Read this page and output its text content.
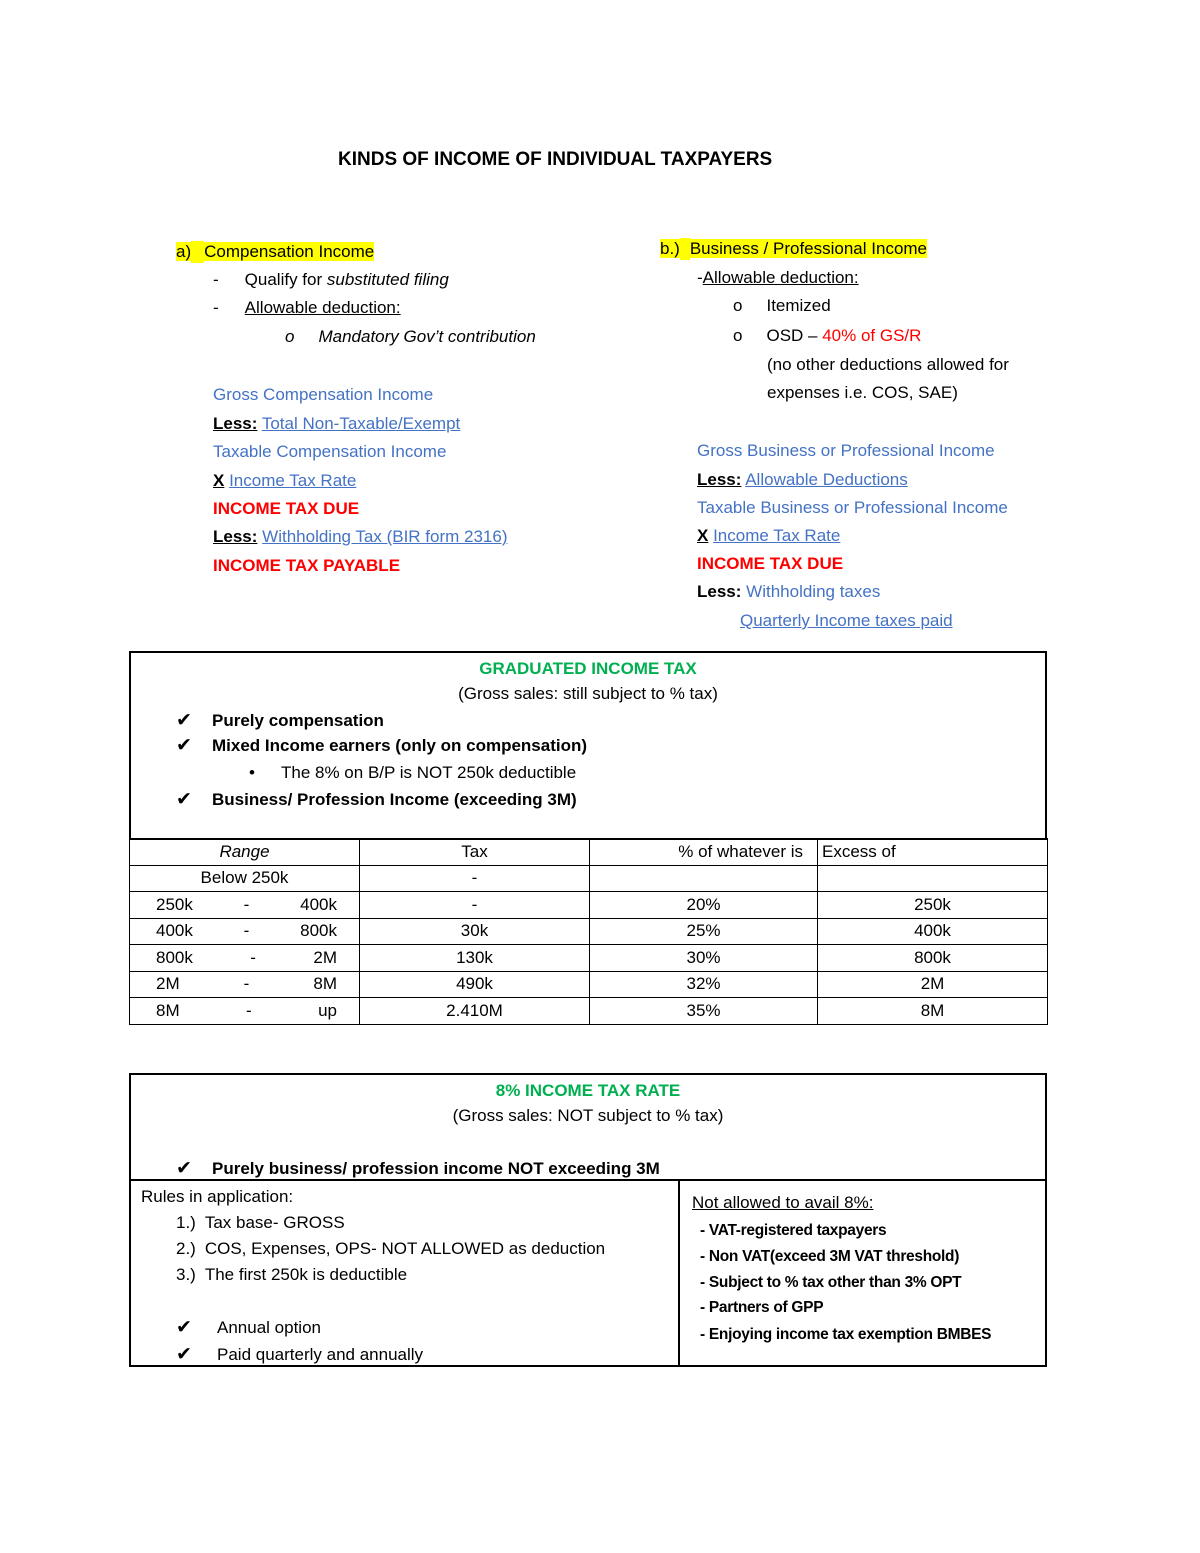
KINDS OF INCOME OF INDIVIDUAL TAXPAYERS
a) Compensation Income
- Qualify for substituted filing
- Allowable deduction:
o Mandatory Gov’t contribution
Gross Compensation Income
Less: Total Non-Taxable/Exempt
Taxable Compensation Income
X Income Tax Rate
INCOME TAX DUE
Less: Withholding Tax (BIR form 2316)
INCOME TAX PAYABLE
b.) Business / Professional Income
-Allowable deduction:
o Itemized
o OSD – 40% of GS/R
(no other deductions allowed for
expenses i.e. COS, SAE)
Gross Business or Professional Income
Less: Allowable Deductions
Taxable Business or Professional Income
X Income Tax Rate
INCOME TAX DUE
Less: Withholding taxes
Quarterly Income taxes paid
GRADUATED INCOME TAX
(Gross sales: still subject to % tax)
✔ Purely compensation
✔ Mixed Income earners (only on compensation)
• The 8% on B/P is NOT 250k deductible
✔ Business/ Profession Income (exceeding 3M)
Range	Tax	% of whatever is	Excess of
Below 250k	-		

250k - 400k	-	20%	250k

400k - 800k	30k	25%	400k

800k - 2M	130k	30%	800k

2M - 8M	490k	32%	2M

8M - up	2.410M	35%	8M
8% INCOME TAX RATE
(Gross sales: NOT subject to % tax)
✔ Purely business/ profession income NOT exceeding 3M
Rules in application:
1.) Tax base- GROSS
2.) COS, Expenses, OPS- NOT ALLOWED as deduction
3.) The first 250k is deductible
✔ Annual option
✔ Paid quarterly and annually
Not allowed to avail 8%:
- VAT-registered taxpayers
- Non VAT(exceed 3M VAT threshold)
- Subject to % tax other than 3% OPT
- Partners of GPP
- Enjoying income tax exemption BMBES
